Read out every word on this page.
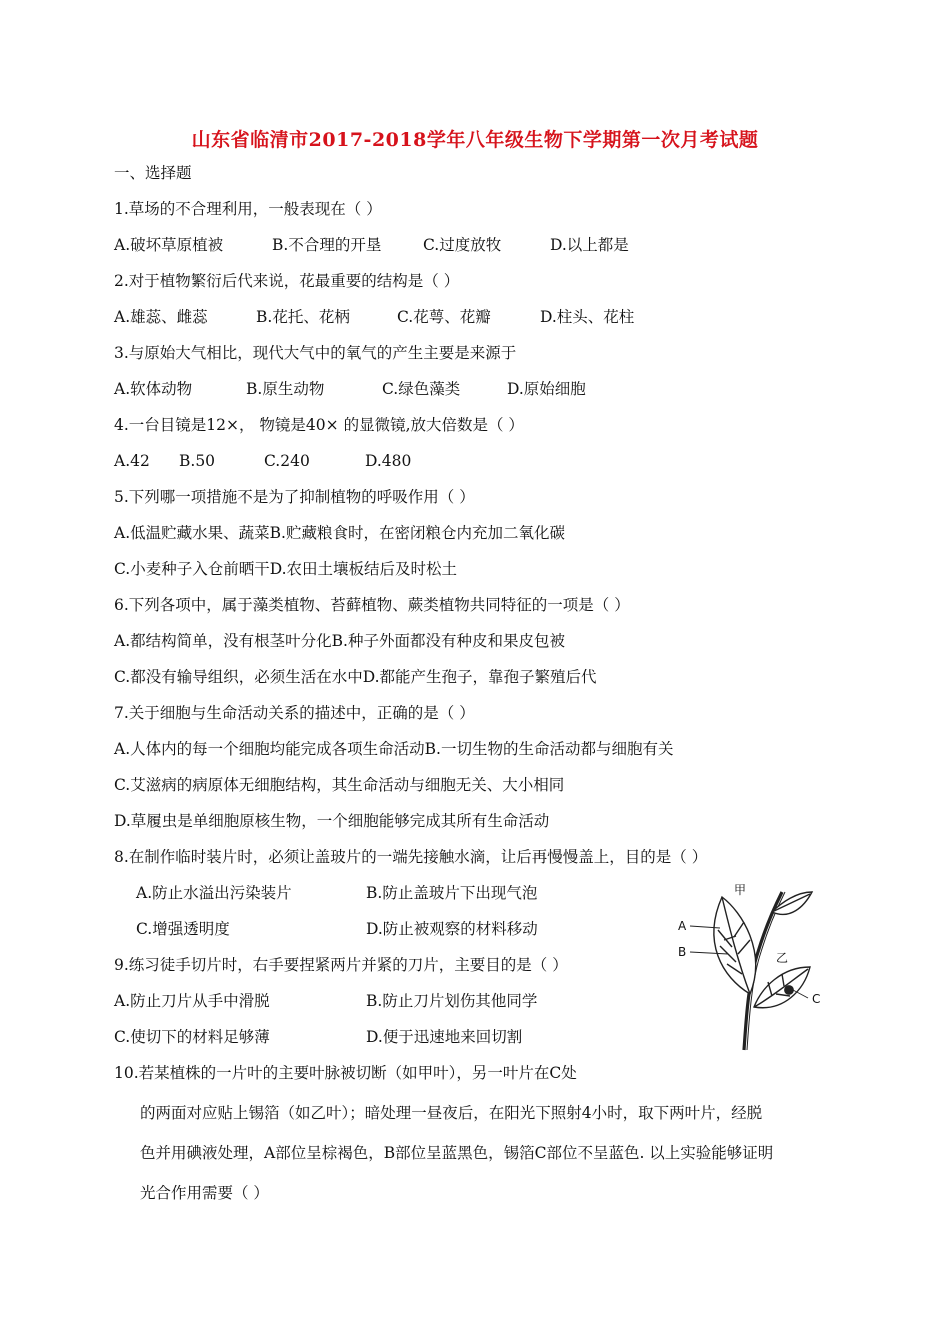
山东省临清市2017-2018学年八年级生物下学期第一次月考试题
一、选择题
1.草场的不合理利用，一般表现在（ ）
A.破坏草原植被	B.不合理的开垦	C.过度放牧	D.以上都是
2.对于植物繁衍后代来说，花最重要的结构是（ ）
A.雄蕊、雌蕊	B.花托、花柄	C.花萼、花瓣	D.柱头、花柱
3.与原始大气相比，现代大气中的氧气的产生主要是来源于
A.软体动物	B.原生动物	C.绿色藻类	D.原始细胞
4.一台目镜是12×， 物镜是40× 的显微镜,放大倍数是（ ）
A.42 B.50	C.240	D.480
5.下列哪一项措施不是为了抑制植物的呼吸作用（ ）
A.低温贮藏水果、蔬菜B.贮藏粮食时，在密闭粮仓内充加二氧化碳
C.小麦种子入仓前晒干D.农田土壤板结后及时松土
6.下列各项中，属于藻类植物、苔藓植物、蕨类植物共同特征的一项是（ ）
A.都结构简单，没有根茎叶分化B.种子外面都没有种皮和果皮包被
C.都没有输导组织，必须生活在水中D.都能产生孢子，靠孢子繁殖后代
7.关于细胞与生命活动关系的描述中，正确的是（ ）
A.人体内的每一个细胞均能完成各项生命活动B.一切生物的生命活动都与细胞有关
C.艾滋病的病原体无细胞结构，其生命活动与细胞无关、大小相同
D.草履虫是单细胞原核生物，一个细胞能够完成其所有生命活动
8.在制作临时装片时，必须让盖玻片的一端先接触水滴，让后再慢慢盖上，目的是（ ）
A.防止水溢出污染装片	B.防止盖玻片下出现气泡
C.增强透明度	D.防止被观察的材料移动
9.练习徒手切片时，右手要捏紧两片并紧的刀片，主要目的是（ ）
A.防止刀片从手中滑脱	B.防止刀片划伤其他同学
C.使切下的材料足够薄	D.便于迅速地来回切割
10.若某植株的一片叶的主要叶脉被切断（如甲叶），另一叶片在C处
的两面对应贴上锡箔（如乙叶）；暗处理一昼夜后，在阳光下照射4小时，取下两叶片，经脱
色并用碘液处理，A部位呈棕褐色，B部位呈蓝黑色，锡箔C部位不呈蓝色. 以上实验能够证明
光合作用需要（ ）
甲
乙
A
B
C
